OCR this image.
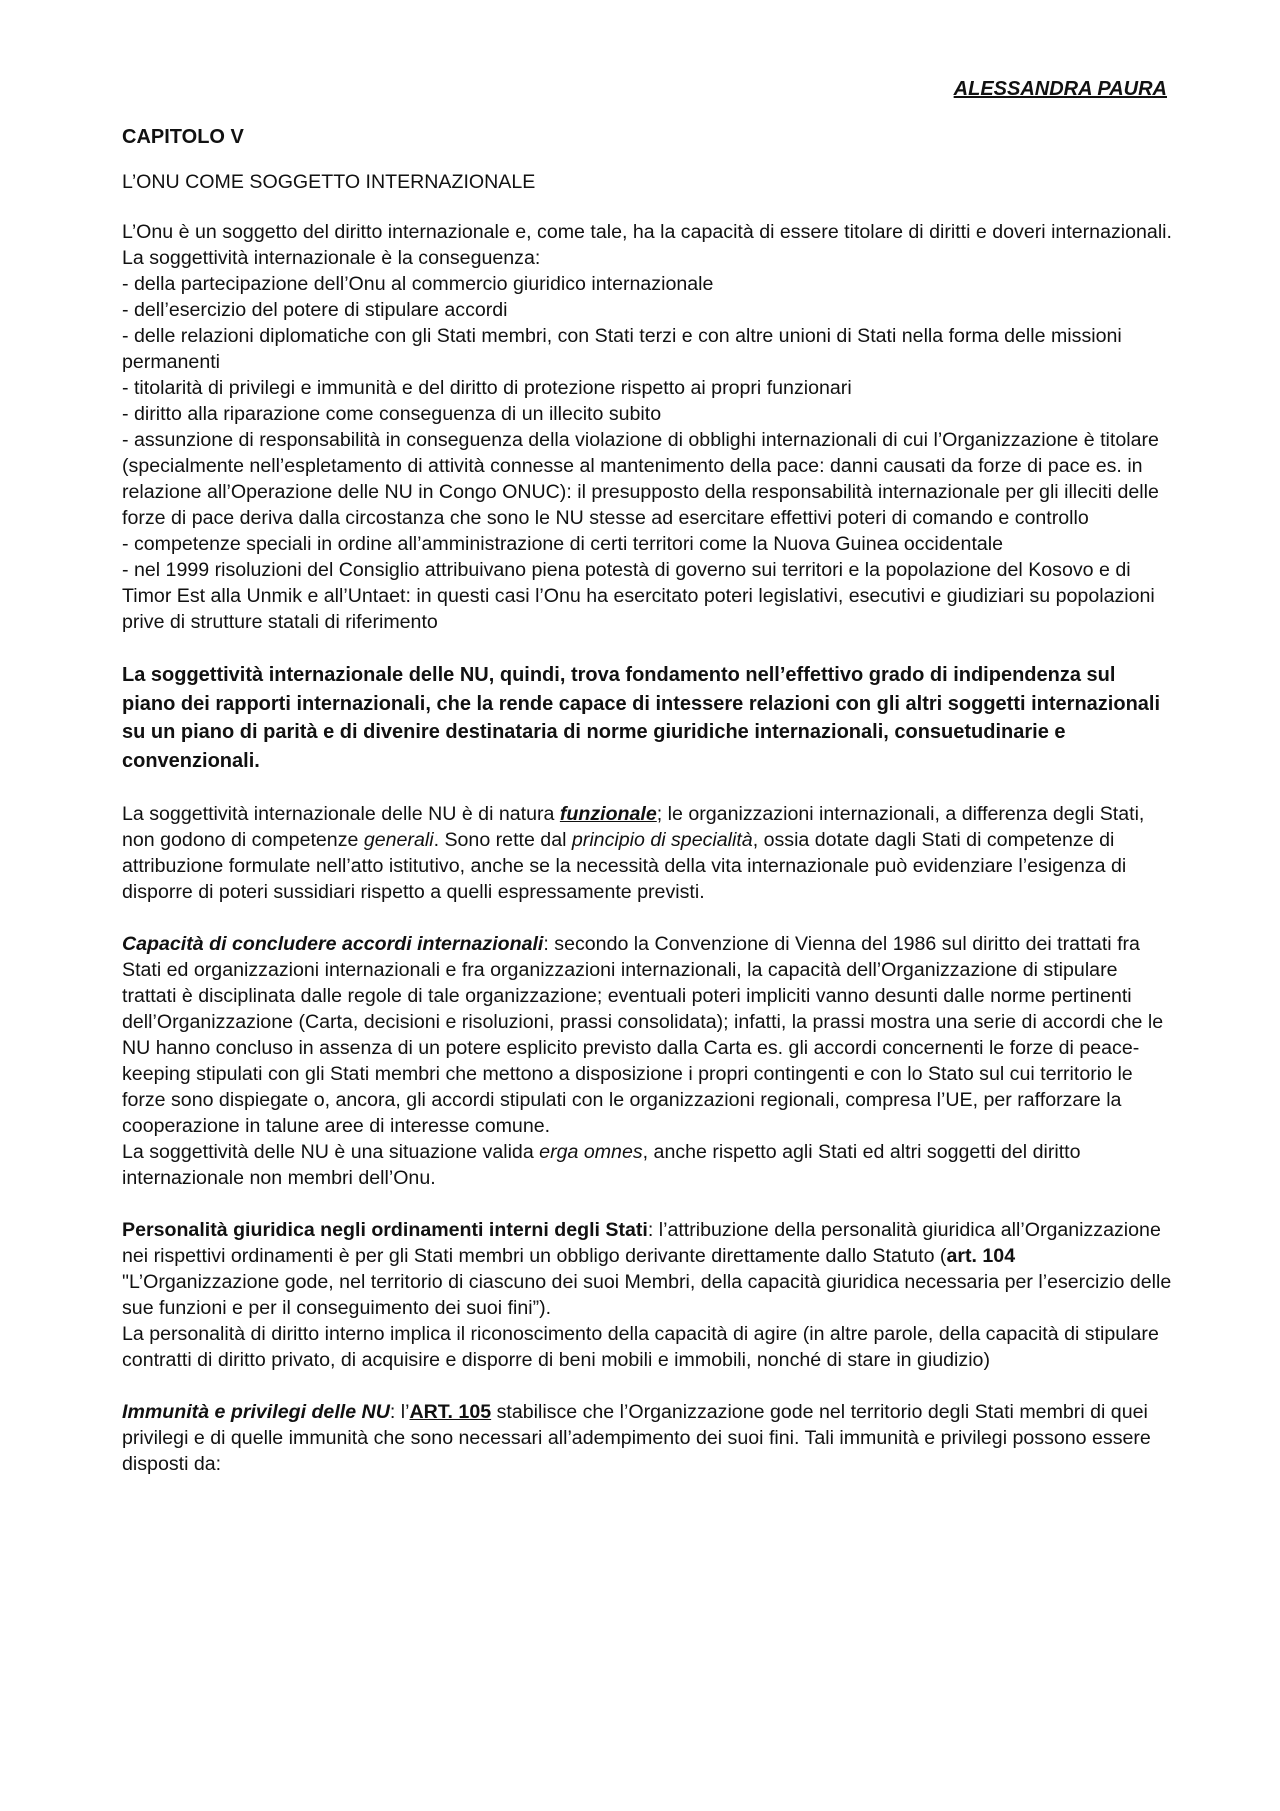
ALESSANDRA PAURA

CAPITOLO V

L’ONU COME SOGGETTO INTERNAZIONALE

L’Onu è un soggetto del diritto internazionale e, come tale, ha la capacità di essere titolare di diritti e doveri internazionali. La soggettività internazionale è la conseguenza:

- della partecipazione dell’Onu al commercio giuridico internazionale

- dell’esercizio del potere di stipulare accordi

- delle relazioni diplomatiche con gli Stati membri, con Stati terzi e con altre unioni di Stati nella forma delle missioni permanenti

- titolarità di privilegi e immunità e del diritto di protezione rispetto ai propri funzionari

- diritto alla riparazione come conseguenza di un illecito subito

- assunzione di responsabilità in conseguenza della violazione di obblighi internazionali di cui l’Organizzazione è titolare (specialmente nell’espletamento di attività connesse al mantenimento della pace: danni causati da forze di pace es. in relazione all’Operazione delle NU in Congo ONUC): il presupposto della responsabilità internazionale per gli illeciti delle forze di pace deriva dalla circostanza che sono le NU stesse ad esercitare effettivi poteri di comando e controllo

- competenze speciali in ordine all’amministrazione di certi territori come la Nuova Guinea occidentale

- nel 1999 risoluzioni del Consiglio attribuivano piena potestà di governo sui territori e la popolazione del Kosovo e di Timor Est alla Unmik e all’Untaet: in questi casi l’Onu ha esercitato poteri legislativi, esecutivi e giudiziari su popolazioni prive di strutture statali di riferimento

La soggettività internazionale delle NU, quindi, trova fondamento nell’effettivo grado di indipendenza sul piano dei rapporti internazionali, che la rende capace di intessere relazioni con gli altri soggetti internazionali su un piano di parità e di divenire destinataria di norme giuridiche internazionali, consuetudinarie e convenzionali.

La soggettività internazionale delle NU è di natura funzionale; le organizzazioni internazionali, a differenza degli Stati, non godono di competenze generali. Sono rette dal principio di specialità, ossia dotate dagli Stati di competenze di attribuzione formulate nell’atto istitutivo, anche se la necessità della vita internazionale può evidenziare l’esigenza di disporre di poteri sussidiari rispetto a quelli espressamente previsti.

Capacità di concludere accordi internazionali: secondo la Convenzione di Vienna del 1986 sul diritto dei trattati fra Stati ed organizzazioni internazionali e fra organizzazioni internazionali, la capacità dell’Organizzazione di stipulare trattati è disciplinata dalle regole di tale organizzazione; eventuali poteri impliciti vanno desunti dalle norme pertinenti dell’Organizzazione (Carta, decisioni e risoluzioni, prassi consolidata); infatti, la prassi mostra una serie di accordi che le NU hanno concluso in assenza di un potere esplicito previsto dalla Carta es. gli accordi concernenti le forze di peace-keeping stipulati con gli Stati membri che mettono a disposizione i propri contingenti e con lo Stato sul cui territorio le forze sono dispiegate o, ancora, gli accordi stipulati con le organizzazioni regionali, compresa l’UE, per rafforzare la cooperazione in talune aree di interesse comune.

La soggettività delle NU è una situazione valida erga omnes, anche rispetto agli Stati ed altri soggetti del diritto internazionale non membri dell’Onu.

Personalità giuridica negli ordinamenti interni degli Stati: l’attribuzione della personalità giuridica all’Organizzazione nei rispettivi ordinamenti è per gli Stati membri un obbligo derivante direttamente dallo Statuto (art. 104 "L’Organizzazione gode, nel territorio di ciascuno dei suoi Membri, della capacità giuridica necessaria per l’esercizio delle sue funzioni e per il conseguimento dei suoi fini”).

La personalità di diritto interno implica il riconoscimento della capacità di agire (in altre parole, della capacità di stipulare contratti di diritto privato, di acquisire e disporre di beni mobili e immobili, nonché di stare in giudizio)

Immunità e privilegi delle NU: l’ART. 105 stabilisce che l’Organizzazione gode nel territorio degli Stati membri di quei privilegi e di quelle immunità che sono necessari all’adempimento dei suoi fini. Tali immunità e privilegi possono essere disposti da:
